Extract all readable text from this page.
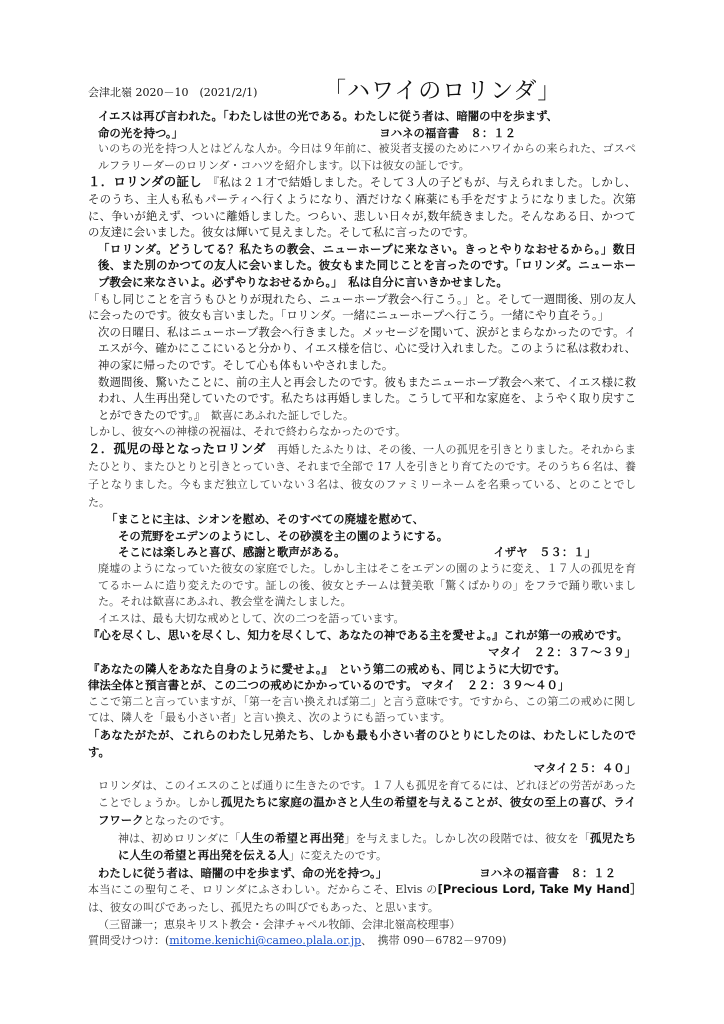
会津北嶺 2020－10　(2021/2/1)	「ハワイのロリンダ」

イエスは再び言われた。「わたしは世の光である。わたしに従う者は、暗闇の中を歩まず、

命の光を持つ。」	ヨハネの福音書　８：１２

いのちの光を持つ人とはどんな人か。今日は９年前に、被災者支援のためにハワイからの来られた、ゴスペルフラリーダーのロリンダ・コハツを紹介します。以下は彼女の証しです。

１．ロリンダの証し　 『私は２１才で結婚しました。そして３人の子どもが、与えられました。しかし、そのうち、主人も私もパーティへ行くようになり、酒だけなく麻薬にも手をだすようになりました。次第に、争いが絶えず、ついに離婚しました。つらい、悲しい日々が,数年続きました。そんなある日、かつての友達に会いました。彼女は輝いて見えました。そして私に言ったのです。

「ロリンダ。どうしてる？私たちの教会、ニューホープに来なさい。きっとやりなおせるから。」数日後、また別のかつての友人に会いました。彼女もまた同じことを言ったのです。「ロリンダ。ニューホープ教会に来なさいよ。必ずやりなおせるから。」　私は自分に言いきかせました。

「もし同じことを言うもひとりが現れたら、ニューホープ教会へ行こう。」と。そして一週間後、別の友人に会ったのです。彼女も言いました。「ロリンダ。一緒にニューホープへ行こう。一緒にやり直そう。」

次の日曜日、私はニューホープ教会へ行きました。メッセージを聞いて、涙がとまらなかったのです。イエスが今、確かにここにいると分かり、イエス様を信じ、心に受け入れました。このように私は救われ、神の家に帰ったのです。そして心も体もいやされました。

数週間後、驚いたことに、前の主人と再会したのです。彼もまたニューホープ教会へ来て、イエス様に救われ、人生再出発していたのです。私たちは再婚しました。こうして平和な家庭を、ようやく取り戻すことができたのです。』　 歓喜にあふれた証しでした。

しかし、彼女への神様の祝福は、それで終わらなかったのです。

２．孤児の母となったロリンダ　 再婚したふたりは、その後、一人の孤児を引きとりました。それからまたひとり、またひとりと引きとっていき、それまで全部で 17 人を引きとり育てたのです。そのうち６名は、養子となりました。今もまだ独立していない３名は、彼女のファミリーネームを名乗っている、とのことでした。

「まことに主は、シオンを慰め、そのすべての廃墟を慰めて、

その荒野をエデンのようにし、その砂漠を主の園のようにする。

そこには楽しみと喜び、感謝と歌声がある。	イザヤ　５３：１」

廃墟のようになっていた彼女の家庭でした。しかし主はそこをエデンの園のように変え、１７人の孤児を育てるホームに造り変えたのです。証しの後、彼女とチームは賛美歌「驚くばかりの」をフラで踊り歌いました。それは歓喜にあふれ、教会堂を満たしました。

イエスは、最も大切な戒めとして、次の二つを語っています。

『心を尽くし、思いを尽くし、知力を尽くして、あなたの神である主を愛せよ。』これが第一の戒めです。

マタイ　２２：３７～３９」

『あなたの隣人をあなた自身のように愛せよ。』　という第二の戒めも、同じように大切です。

律法全体と預言書とが、この二つの戒めにかかっているのです。 マタイ　２２：３９～４０」

ここで第二と言っていますが、「第一を言い換えれば第二」と言う意味です。ですから、この第二の戒めに関しては、隣人を「最も小さい者」と言い換え、次のようにも語っています。

「あなたがたが、これらのわたし兄弟たち、しかも最も小さい者のひとりにしたのは、わたしにしたのです。

マタイ２５：４０」

ロリンダは、このイエスのことば通りに生きたのです。１７人も孤児を育てるには、どれほどの労苦があったことでしょうか。しかし孤児たちに家庭の温かさと人生の希望を与えることが、彼女の至上の喜び、ライフワークとなったのです。

神は、初めロリンダに「人生の希望と再出発」を与えました。しかし次の段階では、彼女を「孤児たちに人生の希望と再出発を伝える人」に変えたのです。

わたしに従う者は、暗闇の中を歩まず、命の光を持つ。」	ヨハネの福音書　８：１２

本当にこの聖句こそ、ロリンダにふさわしい。だからこそ、Elvis の[Precious Lord, Take My Hand］　は、彼女の叫びであったし、孤児たちの叫びでもあった、と思います。

（三留謙一；恵泉キリスト教会・会津チャペル牧師、会津北嶺高校理事）

質問受けつけ：(mitome.kenichi@cameo.plala.or.jp、　携帯 090－6782－9709)
